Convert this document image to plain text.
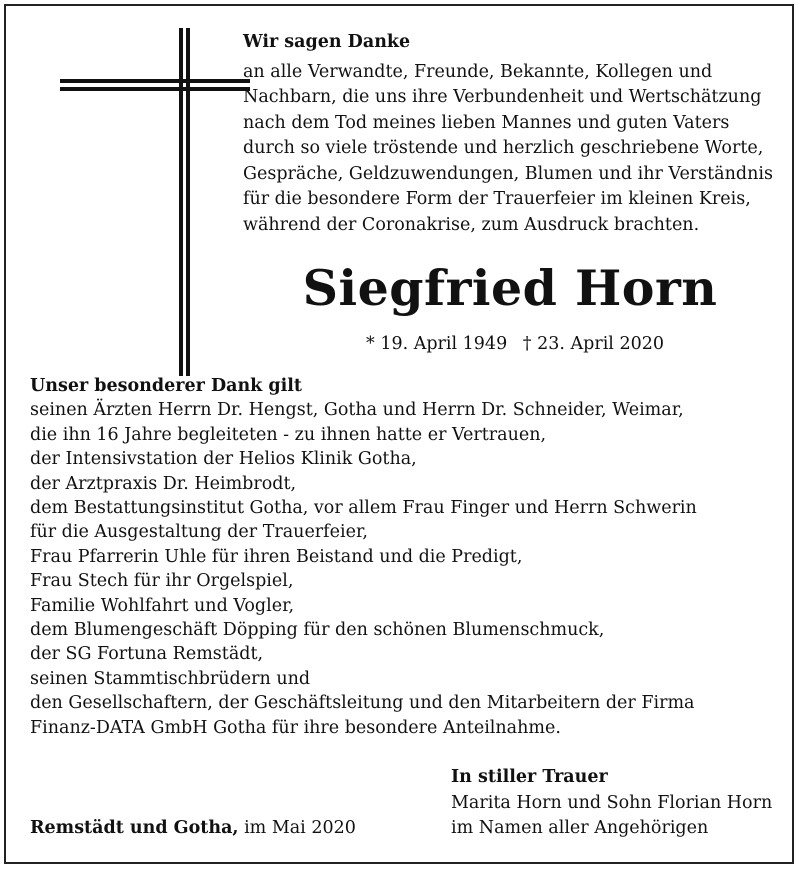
Wir sagen Danke
an alle Verwandte, Freunde, Bekannte, Kollegen und
Nachbarn, die uns ihre Verbundenheit und Wertschätzung
nach dem Tod meines lieben Mannes und guten Vaters
durch so viele tröstende und herzlich geschriebene Worte,
Gespräche, Geldzuwendungen, Blumen und ihr Verständnis
für die besondere Form der Trauerfeier im kleinen Kreis,
während der Coronakrise, zum Ausdruck brachten.
Siegfried Horn
* 19. April 1949 † 23. April 2020
Unser besonderer Dank gilt
seinen Ärzten Herrn Dr. Hengst, Gotha und Herrn Dr. Schneider, Weimar,
die ihn 16 Jahre begleiteten - zu ihnen hatte er Vertrauen,
der Intensivstation der Helios Klinik Gotha,
der Arztpraxis Dr. Heimbrodt,
dem Bestattungsinstitut Gotha, vor allem Frau Finger und Herrn Schwerin
für die Ausgestaltung der Trauerfeier,
Frau Pfarrerin Uhle für ihren Beistand und die Predigt,
Frau Stech für ihr Orgelspiel,
Familie Wohlfahrt und Vogler,
dem Blumengeschäft Döpping für den schönen Blumenschmuck,
der SG Fortuna Remstädt,
seinen Stammtischbrüdern und
den Gesellschaftern, der Geschäftsleitung und den Mitarbeitern der Firma
Finanz-DATA GmbH Gotha für ihre besondere Anteilnahme.
In stiller Trauer
Marita Horn und Sohn Florian Horn
im Namen aller Angehörigen
Remstädt und Gotha, im Mai 2020
